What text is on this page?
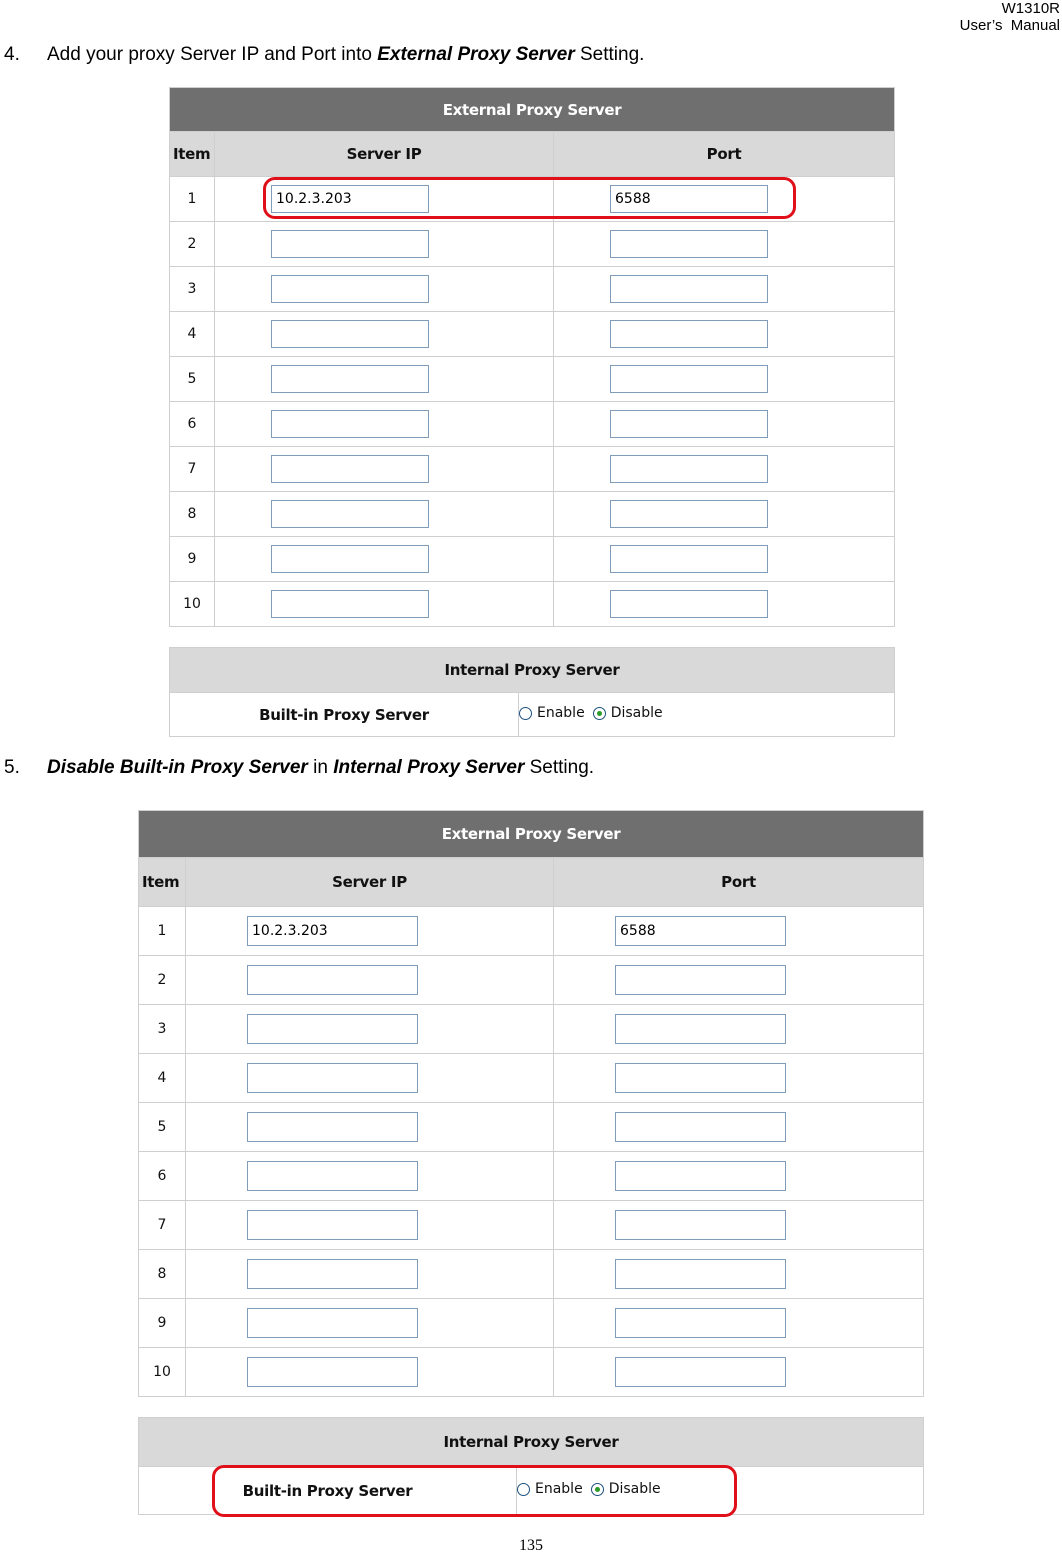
W1310R
User’s  Manual
4. Add your proxy Server IP and Port into External Proxy Server Setting.
External Proxy Server		
Item	Server IP	Port
1	10.2.3.203	6588

2	

3	

4	

5	

6	

7	

8	

9	

10	

Internal Proxy Server
Built-in Proxy Server	Enable Disable
5. Disable Built-in Proxy Server in Internal Proxy Server Setting.
External Proxy Server		
Item	Server IP	Port
1	10.2.3.203	6588

2	

3	

4	

5	

6	

7	

8	

9	

10	

Internal Proxy Server
Built-in Proxy Server	Enable Disable
135
